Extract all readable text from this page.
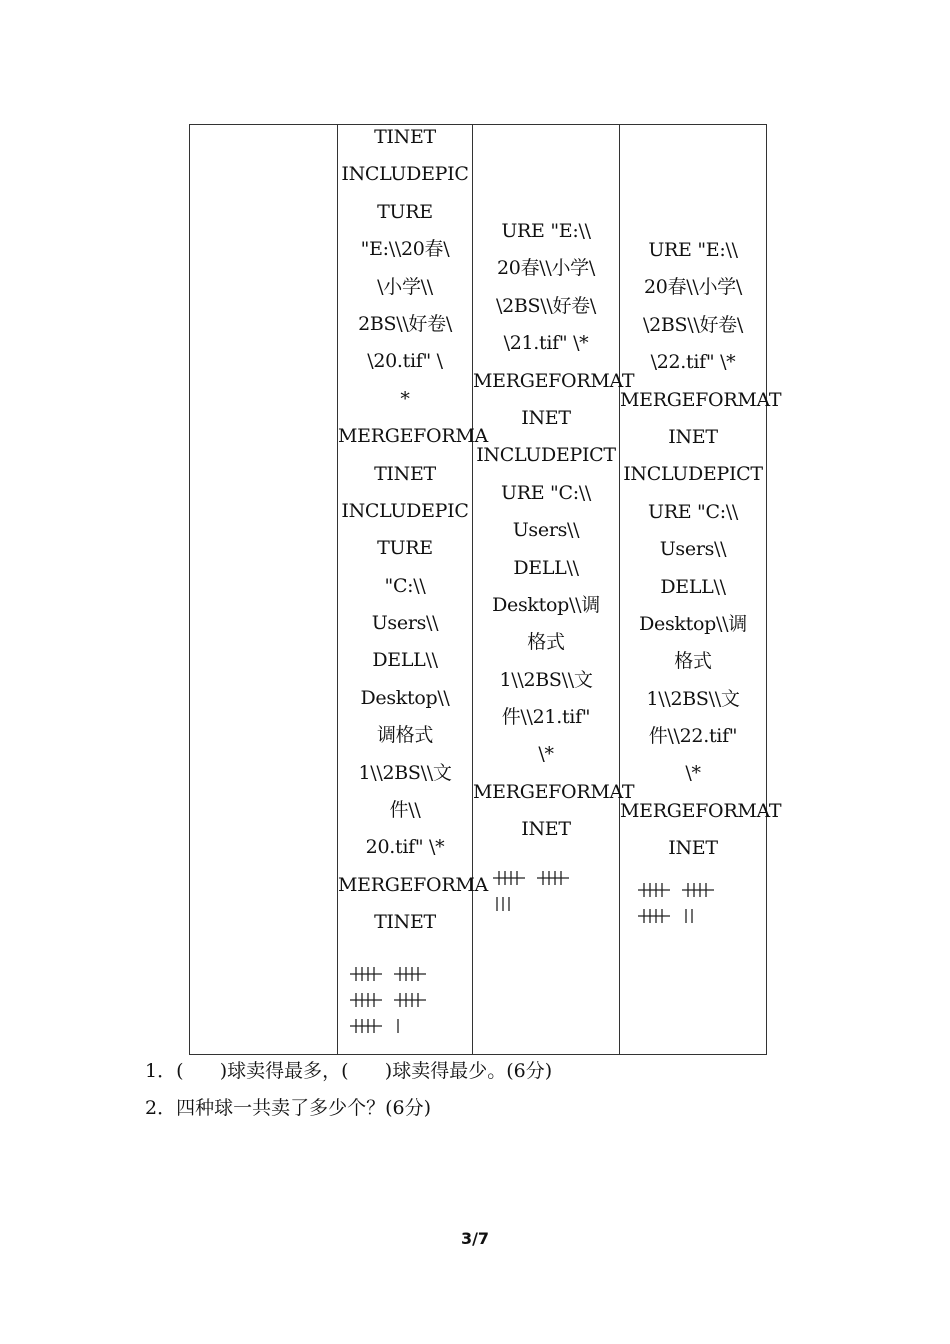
TINET
INCLUDEPIC
TURE
"E:\\20春\
\小学\\
2BS\\好卷\
\20.tif" \
*
MERGEFORMA
TINET
INCLUDEPIC
TURE
"C:\\
Users\\
DELL\\
Desktop\\
调格式
1\\2BS\\文
件\\
20.tif" \*
MERGEFORMA
TINET
URE "E:\\
20春\\小学\
\2BS\\好卷\
\21.tif" \*
MERGEFORMAT
INET
INCLUDEPICT
URE "C:\\
Users\\
DELL\\
Desktop\\调
格式
1\\2BS\\文
件\\21.tif"
\*
MERGEFORMAT
INET
URE "E:\\
20春\\小学\
\2BS\\好卷\
\22.tif" \*
MERGEFORMAT
INET
INCLUDEPICT
URE "C:\\
Users\\
DELL\\
Desktop\\调
格式
1\\2BS\\文
件\\22.tif"
\*
MERGEFORMAT
INET
1．(      )球卖得最多，(      )球卖得最少。(6分)
2．四种球一共卖了多少个？(6分)
3/7
